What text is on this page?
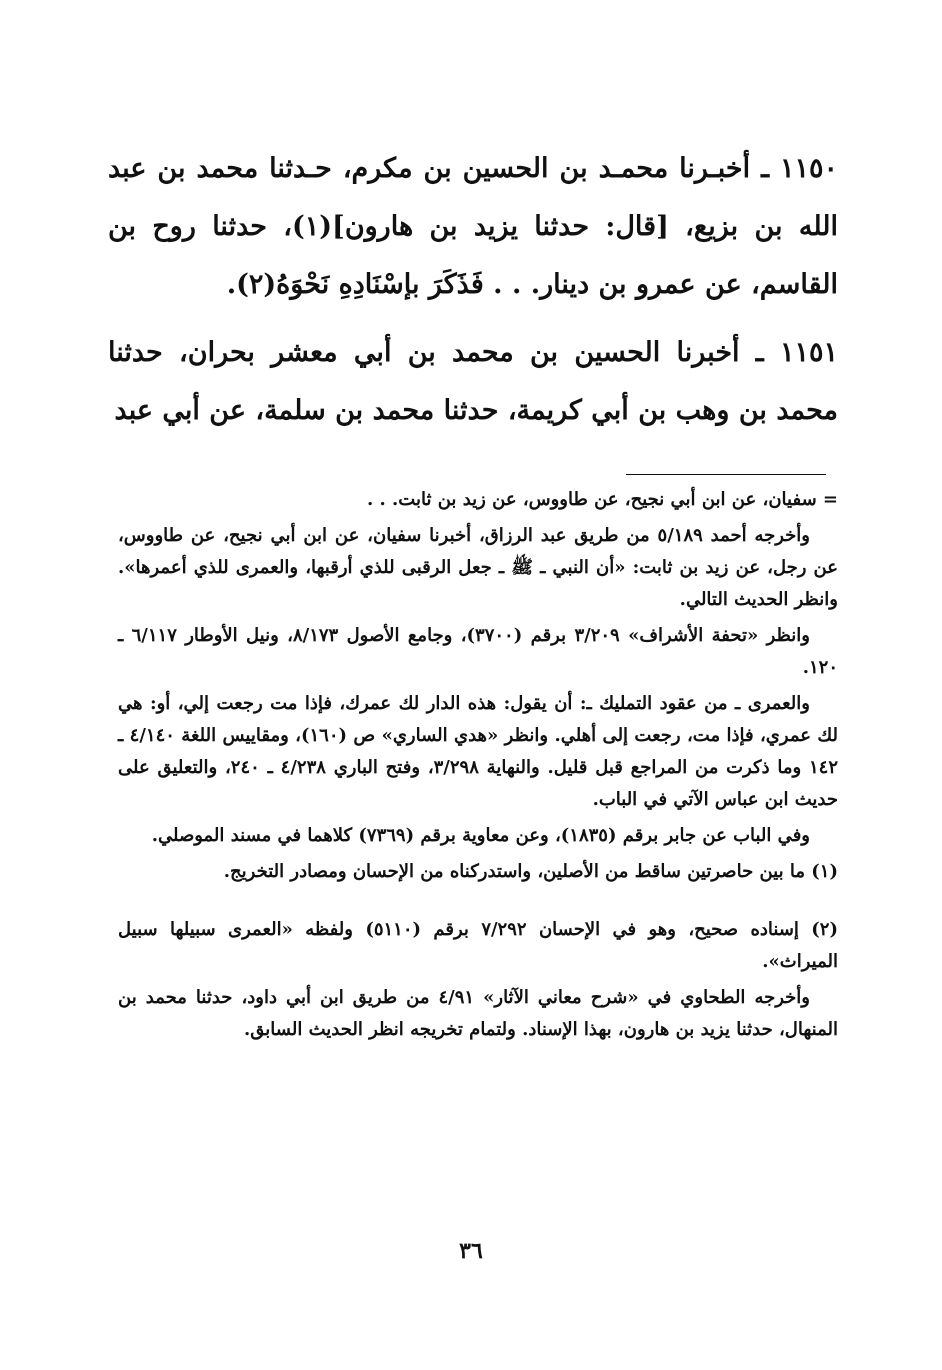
١١٥٠ ـ أخبـرنا محمـد بن الحسين بن مكرم، حـدثنا محمد بن عبد الله بن بزيع، [قال: حدثنا يزيد بن هارون](١)، حدثنا روح بن القاسم، عن عمرو بن دينار. . . فَذَكَرَ بإسْنَادِهِ نَحْوَهُ(٢).

١١٥١ ـ أخبرنا الحسين بن محمد بن أبي معشر بحران، حدثنا محمد بن وهب بن أبي كريمة، حدثنا محمد بن سلمة، عن أبي عبد

= سفيان، عن ابن أبي نجيح، عن طاووس، عن زيد بن ثابت. . .

وأخرجه أحمد ٥/١٨٩ من طريق عبد الرزاق، أخبرنا سفيان، عن ابن أبي نجيح، عن طاووس، عن رجل، عن زيد بن ثابت: «أن النبي ـ ﷺ ـ جعل الرقبى للذي أرقبها، والعمرى للذي أعمرها». وانظر الحديث التالي.

وانظر «تحفة الأشراف» ٣/٢٠٩ برقم (٣٧٠٠)، وجامع الأصول ٨/١٧٣، ونيل الأوطار ٦/١١٧ ـ ١٢٠.

والعمرى ـ من عقود التمليك ـ: أن يقول: هذه الدار لك عمرك، فإذا مت رجعت إلي، أو: هي لك عمري، فإذا مت، رجعت إلى أهلي. وانظر «هدي الساري» ص (١٦٠)، ومقاييس اللغة ٤/١٤٠ ـ ١٤٢ وما ذكرت من المراجع قبل قليل. والنهاية ٣/٢٩٨، وفتح الباري ٤/٢٣٨ ـ ٢٤٠، والتعليق على حديث ابن عباس الآتي في الباب.

وفي الباب عن جابر برقم (١٨٣٥)، وعن معاوية برقم (٧٣٦٩) كلاهما في مسند الموصلي.

(١) ما بين حاصرتين ساقط من الأصلين، واستدركناه من الإحسان ومصادر التخريج.

(٢) إسناده صحيح، وهو في الإحسان ٧/٢٩٢ برقم (٥١١٠) ولفظه «العمرى سبيلها سبيل الميراث».

وأخرجه الطحاوي في «شرح معاني الآثار» ٤/٩١ من طريق ابن أبي داود، حدثنا محمد بن المنهال، حدثنا يزيد بن هارون، بهذا الإسناد. ولتمام تخريجه انظر الحديث السابق.

٣٦
